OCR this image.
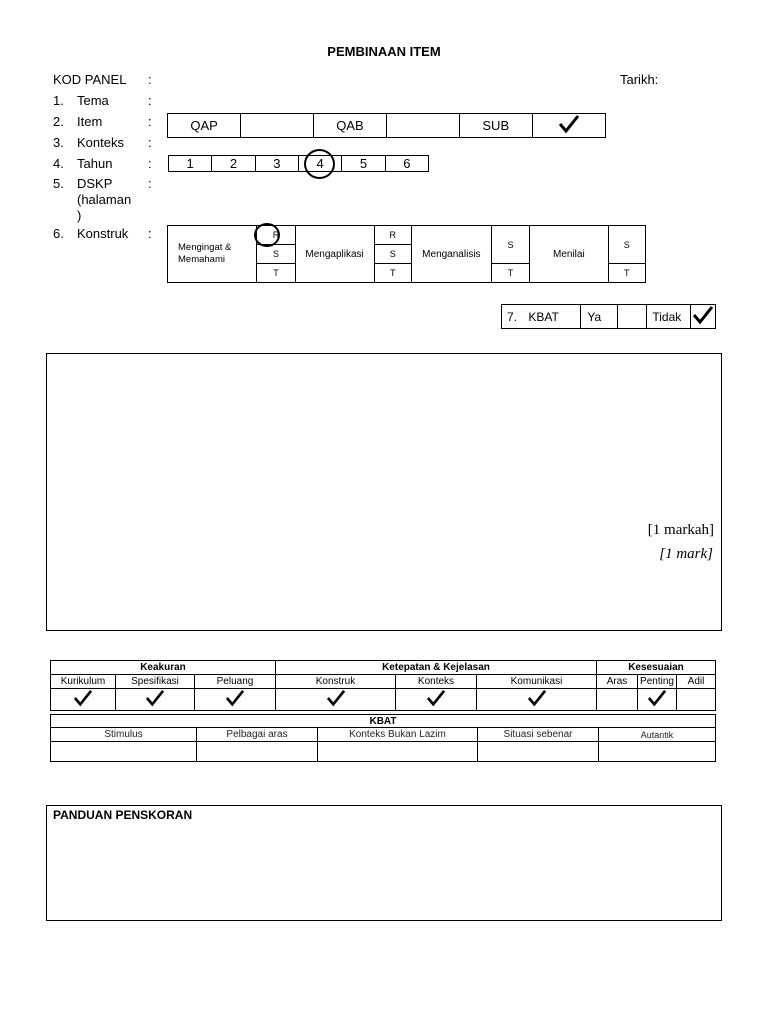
PEMBINAAN ITEM
KOD PANEL :	Tarikh:
1. Tema	:
2. Item	:
3. Konteks :
4. Tahun	:
5. DSKP
(halaman
)
:
6. Konstruk :
QAP		QAB		SUB	
1	2	3	4	5	6
Mengingat &
Memahami	R	Mengaplikasi	R	Menganalisis	S	Menilai	S
	S		S				
	T		T		T		T
7. KBAT	Ya		Tidak	
[1 markah]
[1 mark]
Keakuran			Ketepatan & Kejelasan			Kesesuaian		
Kurikulum	Spesifikasi	Peluang	Konstruk	Konteks	Komunikasi	Aras	Penting	Adil

KBAT				
Stimulus	Pelbagai aras	Konteks Bukan Lazim	Situasi sebenar	Autantik

PANDUAN PENSKORAN
